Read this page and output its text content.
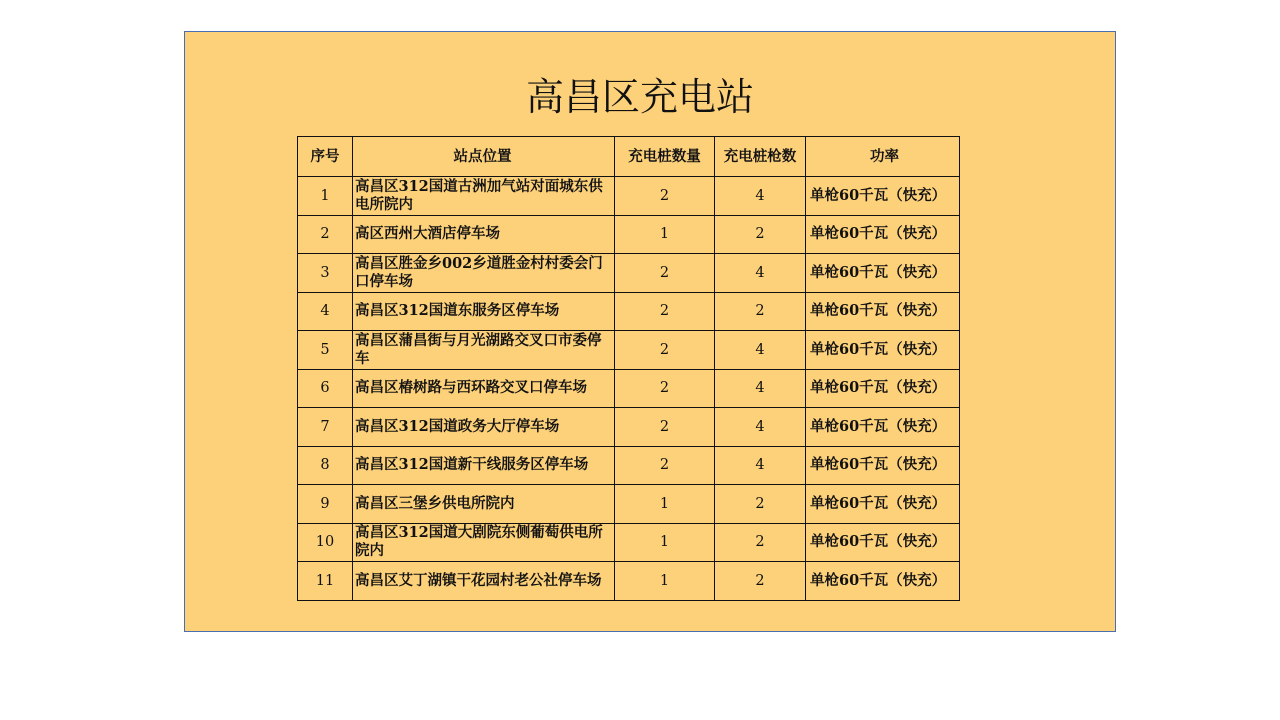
高昌区充电站
序号	站点位置	充电桩数量	充电桩枪数	功率
1	高昌区312国道古洲加气站对面城东供电所院内	2	4	单枪60千瓦（快充）
2	高区西州大酒店停车场	1	2	单枪60千瓦（快充）
3	高昌区胜金乡002乡道胜金村村委会门口停车场	2	4	单枪60千瓦（快充）
4	高昌区312国道东服务区停车场	2	2	单枪60千瓦（快充）
5	高昌区蒲昌街与月光湖路交叉口市委停车	2	4	单枪60千瓦（快充）
6	高昌区椿树路与西环路交叉口停车场	2	4	单枪60千瓦（快充）
7	高昌区312国道政务大厅停车场	2	4	单枪60千瓦（快充）
8	高昌区312国道新干线服务区停车场	2	4	单枪60千瓦（快充）
9	高昌区三堡乡供电所院内	1	2	单枪60千瓦（快充）
10	高昌区312国道大剧院东侧葡萄供电所院内	1	2	单枪60千瓦（快充）
11	高昌区艾丁湖镇干花园村老公社停车场	1	2	单枪60千瓦（快充）
